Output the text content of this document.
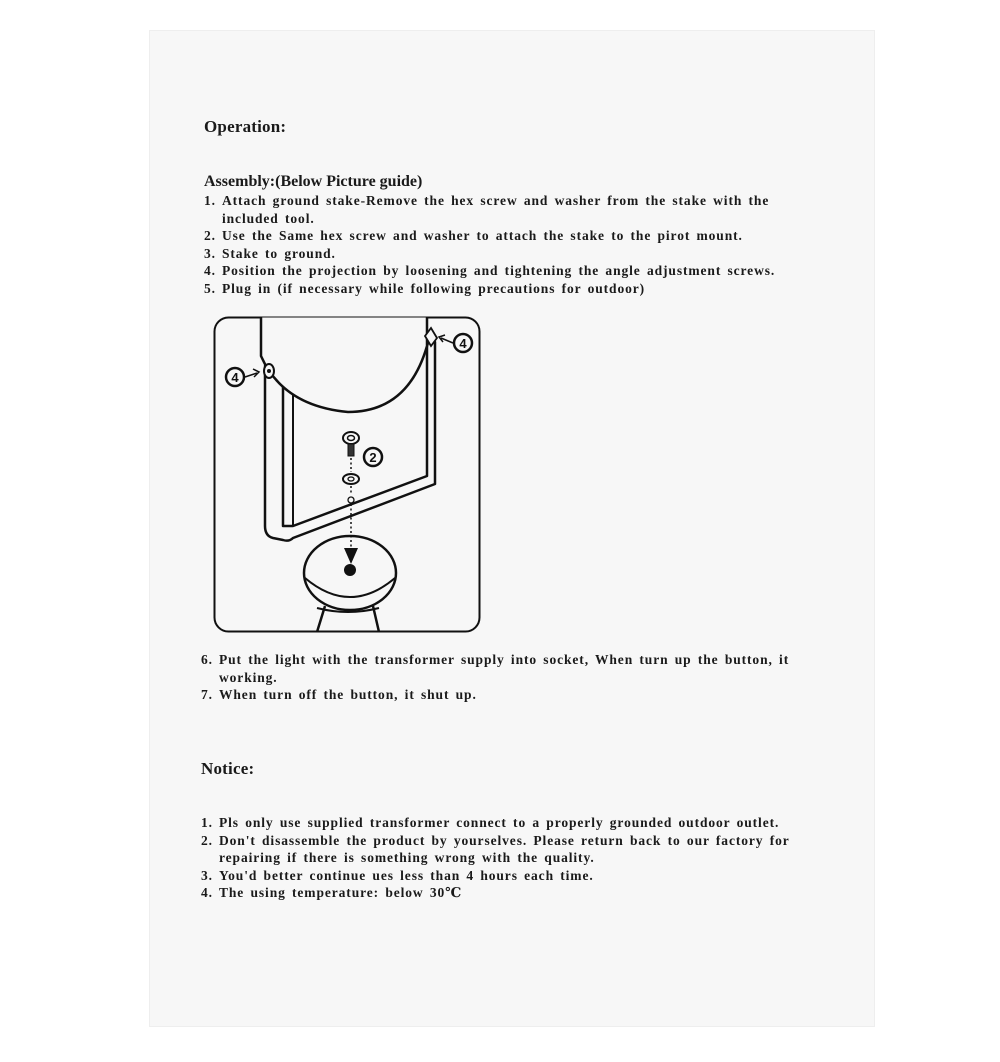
Operation:
Assembly:(Below Picture guide)
1. Attach ground stake-Remove the hex screw and washer from the stake with the included tool.
2. Use the Same hex screw and washer to attach the stake to the pirot mount.
3. Stake to ground.
4. Position the projection by loosening and tightening the angle adjustment screws.
5. Plug in (if necessary while following precautions for outdoor)
4
4
2
6. Put the light with the transformer supply into socket, When turn up the button, it working.
7. When turn off the button, it shut up.
Notice:
1. Pls only use supplied transformer connect to a properly grounded outdoor outlet.
2. Don't disassemble the product by yourselves. Please return back to our factory for repairing if there is something wrong with the quality.
3. You'd better continue ues less than 4 hours each time.
4. The using temperature: below 30℃
